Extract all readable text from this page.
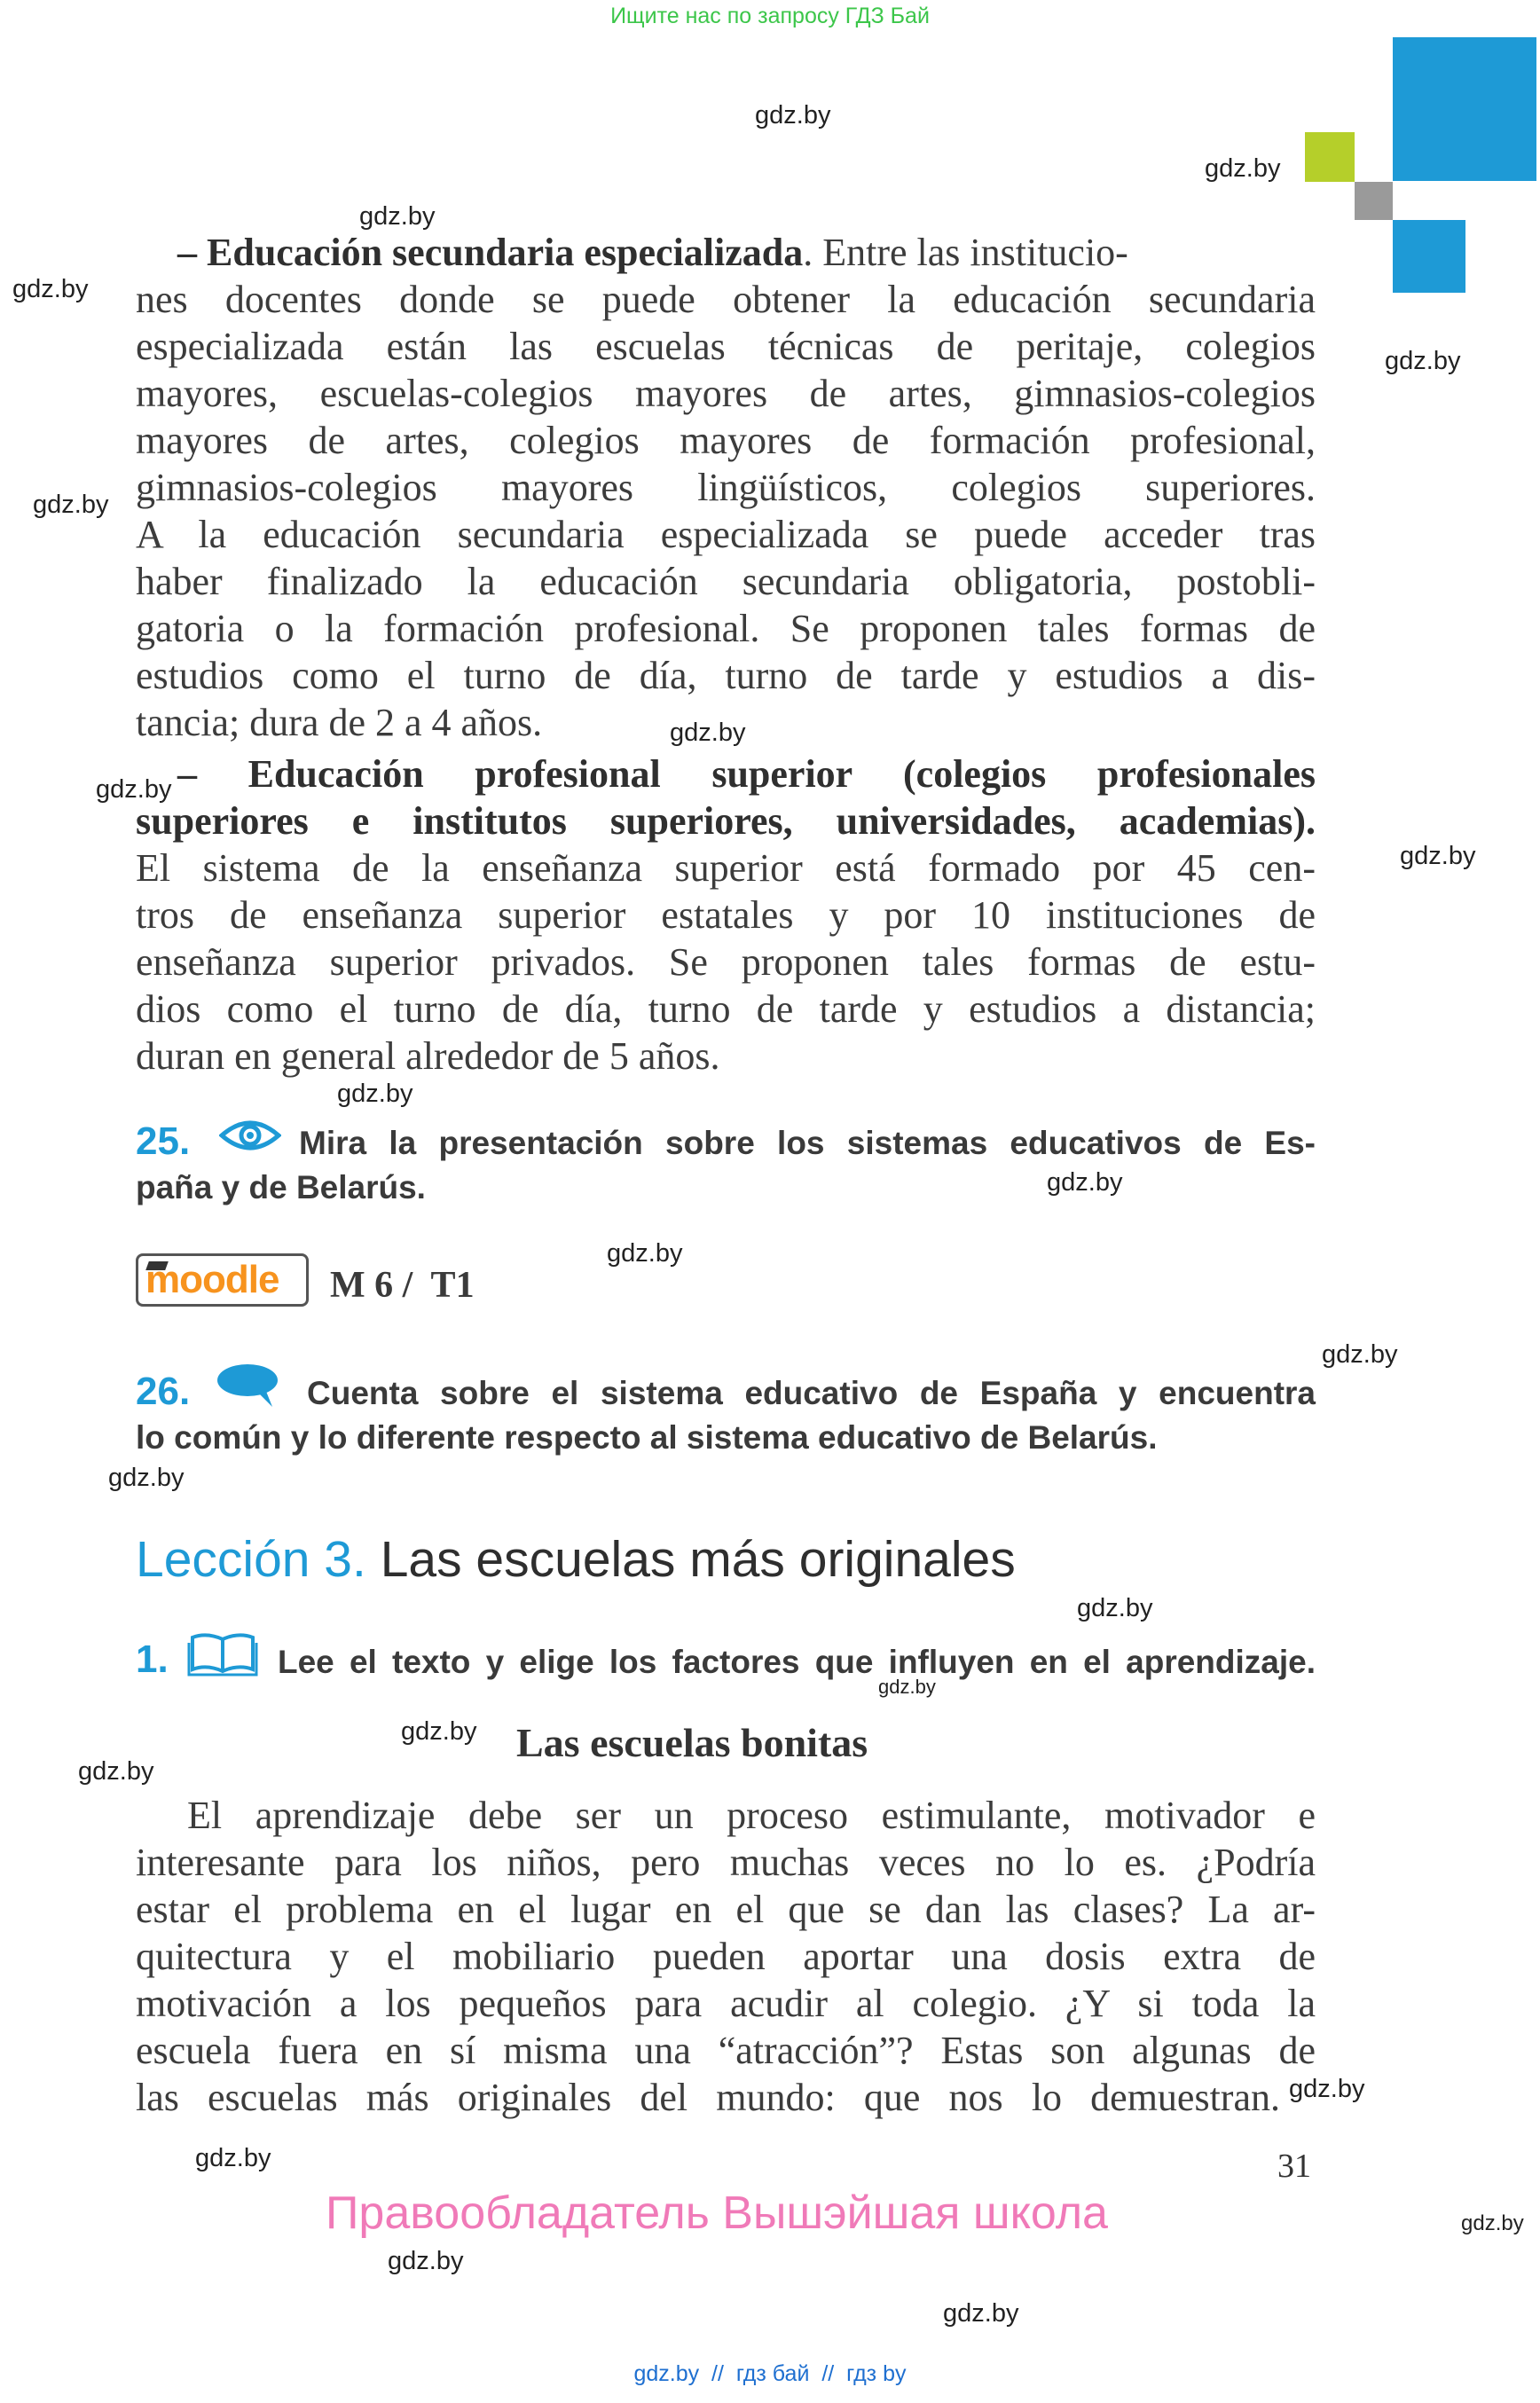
Ищите нас по запросу ГДЗ Бай
gdz.by
gdz.by
gdz.by
gdz.by
gdz.by
gdz.by
gdz.by
gdz.by
gdz.by
gdz.by
gdz.by
gdz.by
gdz.by
gdz.by
gdz.by
gdz.by
gdz.by
gdz.by
gdz.by
gdz.by
gdz.by
gdz.by
gdz.by
– Educación secundaria especializada. Entre las institucio-
nes docentes donde se puede obtener la educación secundaria
especializada están las escuelas técnicas de peritaje, colegios
mayores, escuelas-colegios mayores de artes, gimnasios-colegios
mayores de artes, colegios mayores de formación profesional,
gimnasios-colegios mayores lingüísticos, colegios superiores.
A la educación secundaria especializada se puede acceder tras
haber finalizado la educación secundaria obligatoria, postobli-
gatoria o la formación profesional. Se proponen tales formas de
estudios como el turno de día, turno de tarde y estudios a dis-
tancia; dura de 2 a 4 años.
– Educación profesional superior (colegios profesionales
superiores e institutos superiores, universidades, academias).
El sistema de la enseñanza superior está formado por 45 cen-
tros de enseñanza superior estatales y por 10 instituciones de
enseñanza superior privados. Se proponen tales formas de estu-
dios como el turno de día, turno de tarde y estudios a distancia;
duran en general alrededor de 5 años.
25.	Mira la presentación sobre los sistemas educativos de Es-
paña y de Belarús.
moodle M 6 /  T1
26.	Cuenta sobre el sistema educativo de España y encuentra
lo común y lo diferente respecto al sistema educativo de Belarús.
Lección 3. Las escuelas más originales
1.	Lee el texto y elige los factores que influyen en el aprendizaje.
Las escuelas bonitas
El aprendizaje debe ser un proceso estimulante, motivador e
interesante para los niños, pero muchas veces no lo es. ¿Podría
estar el problema en el lugar en el que se dan las clases? La ar-
quitectura y el mobiliario pueden aportar una dosis extra de
motivación a los pequeños para acudir al colegio. ¿Y si toda la
escuela fuera en sí misma una “atracción”? Estas son algunas de
las escuelas más originales del mundo: que nos lo demuestran.
31
Правообладатель Вышэйшая школа
gdz.by  //  гдз бай  //  гдз by
